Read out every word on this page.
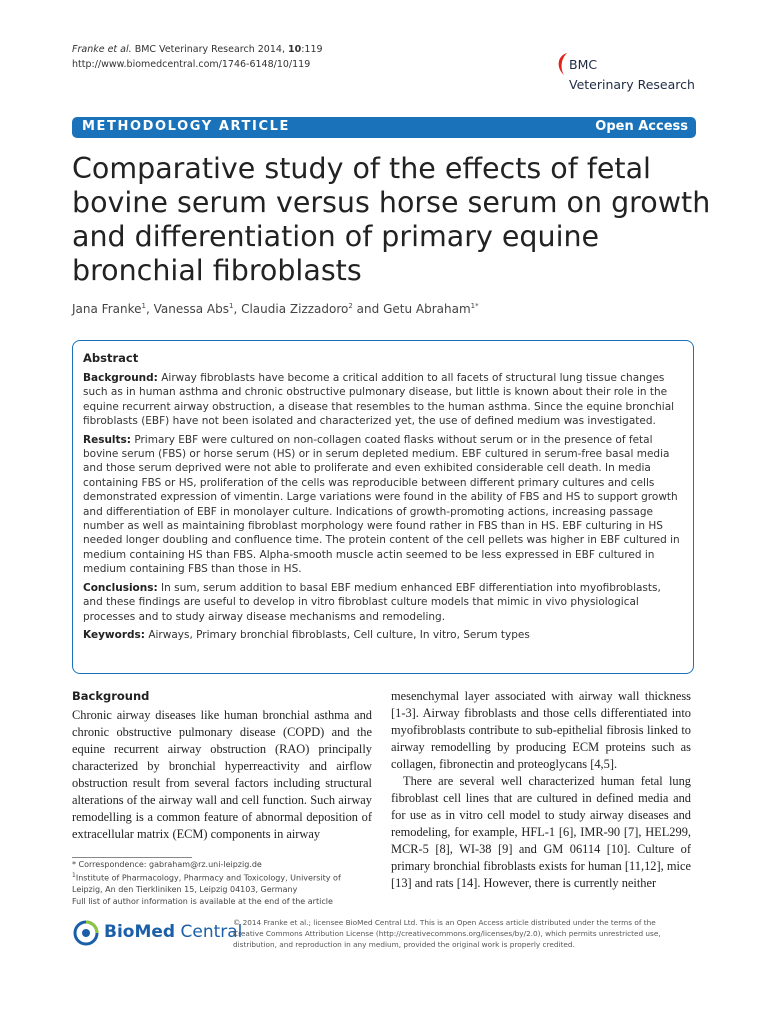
Franke et al. BMC Veterinary Research 2014, 10:119
http://www.biomedcentral.com/1746-6148/10/119	BMC
Veterinary Research
METHODOLOGY ARTICLE	Open Access
Comparative study of the effects of fetal bovine serum versus horse serum on growth and differentiation of primary equine bronchial fibroblasts
Jana Franke$^1$, Vanessa Abs$^1$, Claudia Zizzadoro$^2$ and Getu Abraham$^{1*}$
Abstract

Background: Airway fibroblasts have become a critical addition to all facets of structural lung tissue changes such as in human asthma and chronic obstructive pulmonary disease, but little is known about their role in the equine recurrent airway obstruction, a disease that resembles to the human asthma. Since the equine bronchial fibroblasts (EBF) have not been isolated and characterized yet, the use of defined medium was investigated.

Results: Primary EBF were cultured on non-collagen coated flasks without serum or in the presence of fetal bovine serum (FBS) or horse serum (HS) or in serum depleted medium. EBF cultured in serum-free basal media and those serum deprived were not able to proliferate and even exhibited considerable cell death. In media containing FBS or HS, proliferation of the cells was reproducible between different primary cultures and cells demonstrated expression of vimentin. Large variations were found in the ability of FBS and HS to support growth and differentiation of EBF in monolayer culture. Indications of growth-promoting actions, increasing passage number as well as maintaining fibroblast morphology were found rather in FBS than in HS. EBF culturing in HS needed longer doubling and confluence time. The protein content of the cell pellets was higher in EBF cultured in medium containing HS than FBS. Alpha-smooth muscle actin seemed to be less expressed in EBF cultured in medium containing FBS than those in HS.

Conclusions: In sum, serum addition to basal EBF medium enhanced EBF differentiation into myofibroblasts, and these findings are useful to develop in vitro fibroblast culture models that mimic in vivo physiological processes and to study airway disease mechanisms and remodeling.

Keywords: Airways, Primary bronchial fibroblasts, Cell culture, In vitro, Serum types

Background

Chronic airway diseases like human bronchial asthma and chronic obstructive pulmonary disease (COPD) and the equine recurrent airway obstruction (RAO) principally characterized by bronchial hyperreactivity and airflow obstruction result from several factors including structural alterations of the airway wall and cell function. Such airway remodelling is a common feature of abnormal deposition of extracellular matrix (ECM) components in airway

mesenchymal layer associated with airway wall thickness [1-3]. Airway fibroblasts and those cells differentiated into myofibroblasts contribute to sub-epithelial fibrosis linked to airway remodelling by producing ECM proteins such as collagen, fibronectin and proteoglycans [4,5].

There are several well characterized human fetal lung fibroblast cell lines that are cultured in defined media and for use as in vitro cell model to study airway diseases and remodeling, for example, HFL-1 [6], IMR-90 [7], HEL299, MCR-5 [8], WI-38 [9] and GM 06114 [10]. Culture of primary bronchial fibroblasts exists for human [11,12], mice [13] and rats [14]. However, there is currently neither

* Correspondence: gabraham@rz.uni-leipzig.de
$^1$Institute of Pharmacology, Pharmacy and Toxicology, University of Leipzig, An den Tierkliniken 15, Leipzig 04103, Germany
Full list of author information is available at the end of the article
BioMed Central
© 2014 Franke et al.; licensee BioMed Central Ltd. This is an Open Access article distributed under the terms of the Creative Commons Attribution License (http://creativecommons.org/licenses/by/2.0), which permits unrestricted use, distribution, and reproduction in any medium, provided the original work is properly credited.
